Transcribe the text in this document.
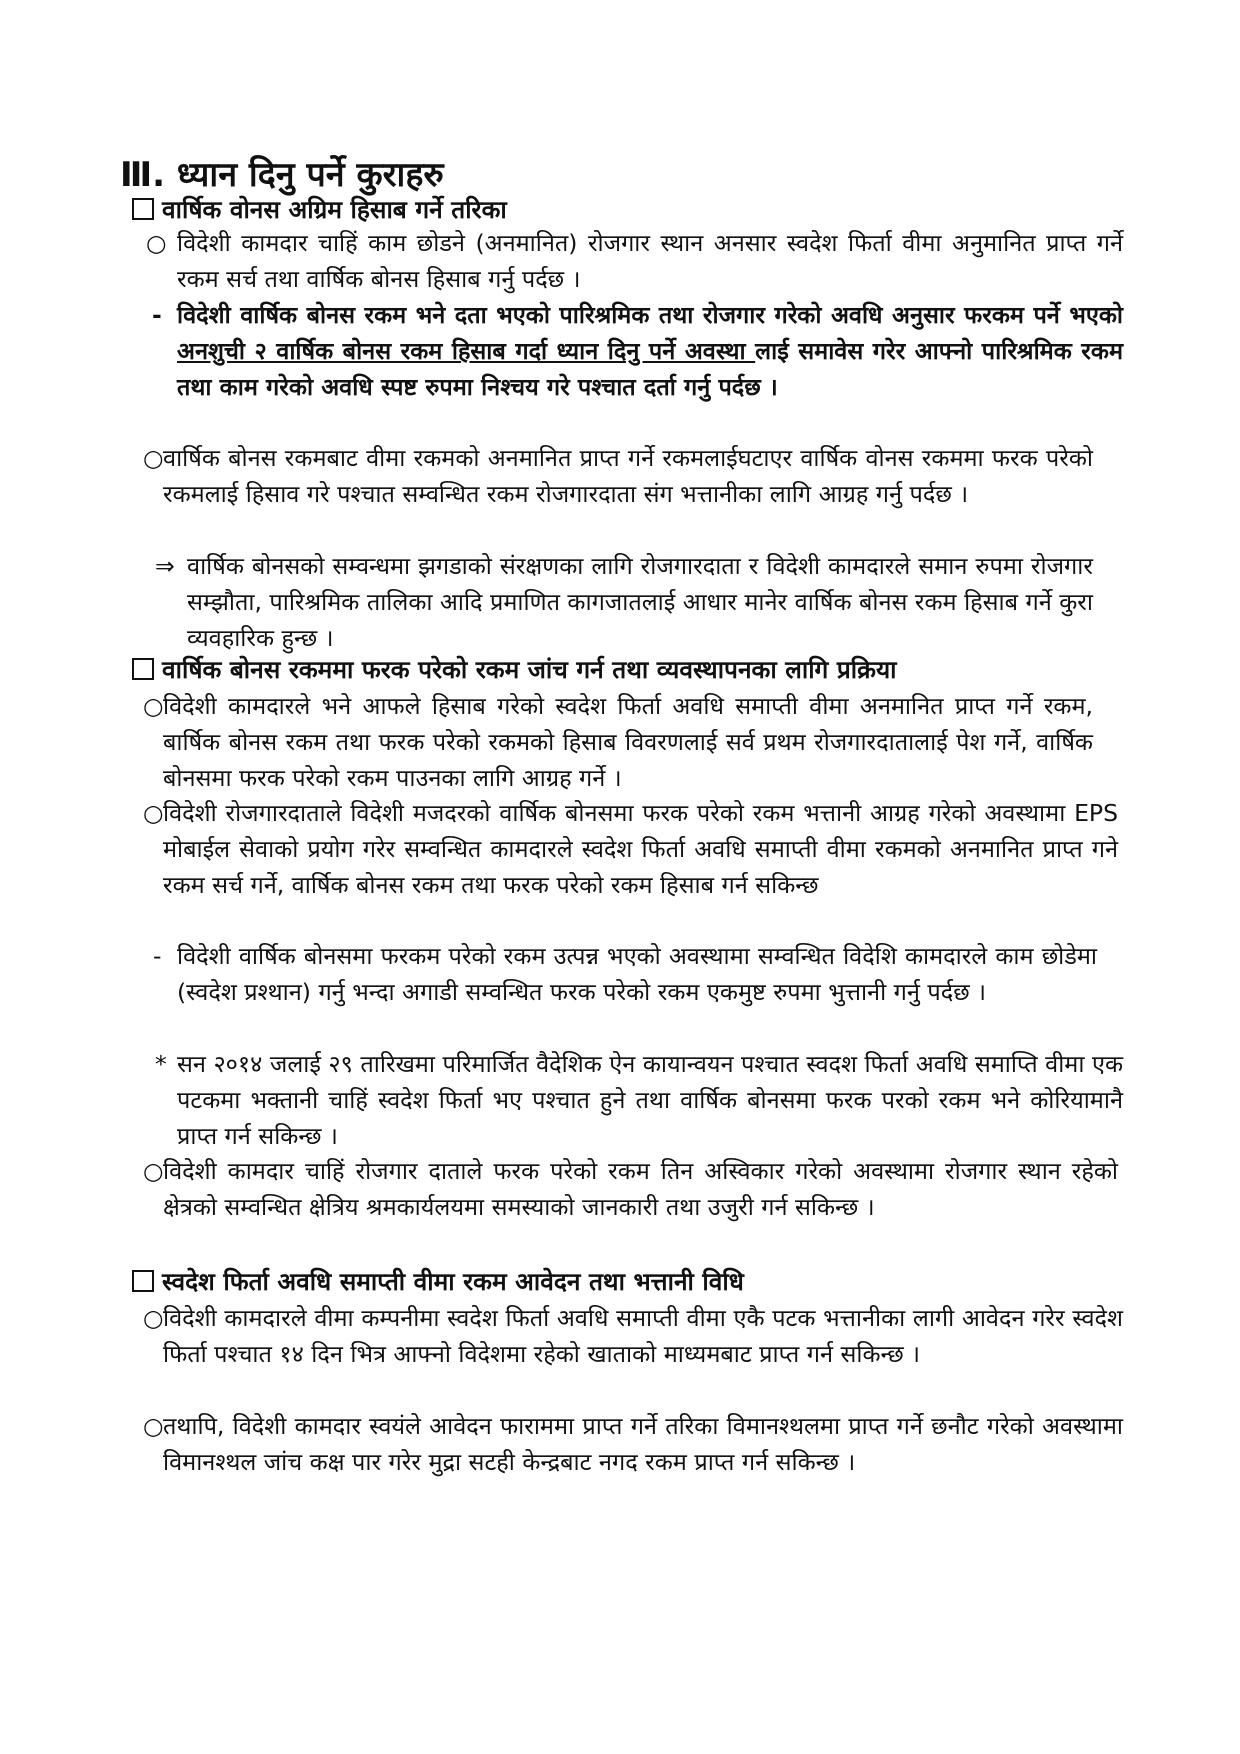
Ⅲ. ध्यान दिनु पर्ने कुराहरु
वार्षिक वोनस अग्रिम हिसाब गर्ने तरिका
○ विदेशी कामदार चाहिं काम छोडने (अनमानित) रोजगार स्थान अनसार स्वदेश फिर्ता वीमा अनुमानित प्राप्त गर्ने रकम सर्च तथा वार्षिक बोनस हिसाब गर्नु पर्दछ ।
- विदेशी वार्षिक बोनस रकम भने दता भएको पारिश्रमिक तथा रोजगार गरेको अवधि अनुसार फरकम पर्ने भएको अनशुची २ वार्षिक बोनस रकम हिसाब गर्दा ध्यान दिनु पर्ने अवस्था लाई समावेस गरेर आफ्नो पारिश्रमिक रकम तथा काम गरेको अवधि स्पष्ट रुपमा निश्चय गरे पश्चात दर्ता गर्नु पर्दछ ।
○ वार्षिक बोनस रकमबाट वीमा रकमको अनमानित प्राप्त गर्ने रकमलाईघटाएर वार्षिक वोनस रकममा फरक परेको रकमलाई हिसाव गरे पश्चात सम्वन्धित रकम रोजगारदाता संग भत्तानीका लागि आग्रह गर्नु पर्दछ ।
⇒ वार्षिक बोनसको सम्वन्धमा झगडाको संरक्षणका लागि रोजगारदाता र विदेशी कामदारले समान रुपमा रोजगार सम्झौता, पारिश्रमिक तालिका आदि प्रमाणित कागजातलाई आधार मानेर वार्षिक बोनस रकम हिसाब गर्ने कुरा व्यवहारिक हुन्छ ।
वार्षिक बोनस रकममा फरक परेको रकम जांच गर्न तथा व्यवस्थापनका लागि प्रक्रिया
○ विदेशी कामदारले भने आफले हिसाब गरेको स्वदेश फिर्ता अवधि समाप्ती वीमा अनमानित प्राप्त गर्ने रकम, बार्षिक बोनस रकम तथा फरक परेको रकमको हिसाब विवरणलाई सर्व प्रथम रोजगारदातालाई पेश गर्ने, वार्षिक बोनसमा फरक परेको रकम पाउनका लागि आग्रह गर्ने ।
○ विदेशी रोजगारदाताले विदेशी मजदरको वार्षिक बोनसमा फरक परेको रकम भत्तानी आग्रह गरेको अवस्थामा EPS मोबाईल सेवाको प्रयोग गरेर सम्वन्धित कामदारले स्वदेश फिर्ता अवधि समाप्ती वीमा रकमको अनमानित प्राप्त गने रकम सर्च गर्ने, वार्षिक बोनस रकम तथा फरक परेको रकम हिसाब गर्न सकिन्छ
- विदेशी वार्षिक बोनसमा फरकम परेको रकम उत्पन्न भएको अवस्थामा सम्वन्धित विदेशि कामदारले काम छोडेमा (स्वदेश प्रश्थान) गर्नु भन्दा अगाडी सम्वन्धित फरक परेको रकम एकमुष्ट रुपमा भुत्तानी गर्नु पर्दछ ।
* सन २०१४ जलाई २९ तारिखमा परिमार्जित वैदेशिक ऐन कायान्वयन पश्चात स्वदश फिर्ता अवधि समाप्ति वीमा एक पटकमा भक्तानी चाहिं स्वदेश फिर्ता भए पश्चात हुने तथा वार्षिक बोनसमा फरक परको रकम भने कोरियामानै प्राप्त गर्न सकिन्छ ।
○ विदेशी कामदार चाहिं रोजगार दाताले फरक परेको रकम तिन अस्विकार गरेको अवस्थामा रोजगार स्थान रहेको क्षेत्रको सम्वन्धित क्षेत्रिय श्रमकार्यलयमा समस्याको जानकारी तथा उजुरी गर्न सकिन्छ ।
स्वदेश फिर्ता अवधि समाप्ती वीमा रकम आवेदन तथा भत्तानी विधि
○ विदेशी कामदारले वीमा कम्पनीमा स्वदेश फिर्ता अवधि समाप्ती वीमा एकै पटक भत्तानीका लागी आवेदन गरेर स्वदेश फिर्ता पश्चात १४ दिन भित्र आफ्नो विदेशमा रहेको खाताको माध्यमबाट प्राप्त गर्न सकिन्छ ।
○ तथापि, विदेशी कामदार स्वयंले आवेदन फाराममा प्राप्त गर्ने तरिका विमानश्थलमा प्राप्त गर्ने छनौट गरेको अवस्थामा विमानश्थल जांच कक्ष पार गरेर मुद्रा सटही केन्द्रबाट नगद रकम प्राप्त गर्न सकिन्छ ।
